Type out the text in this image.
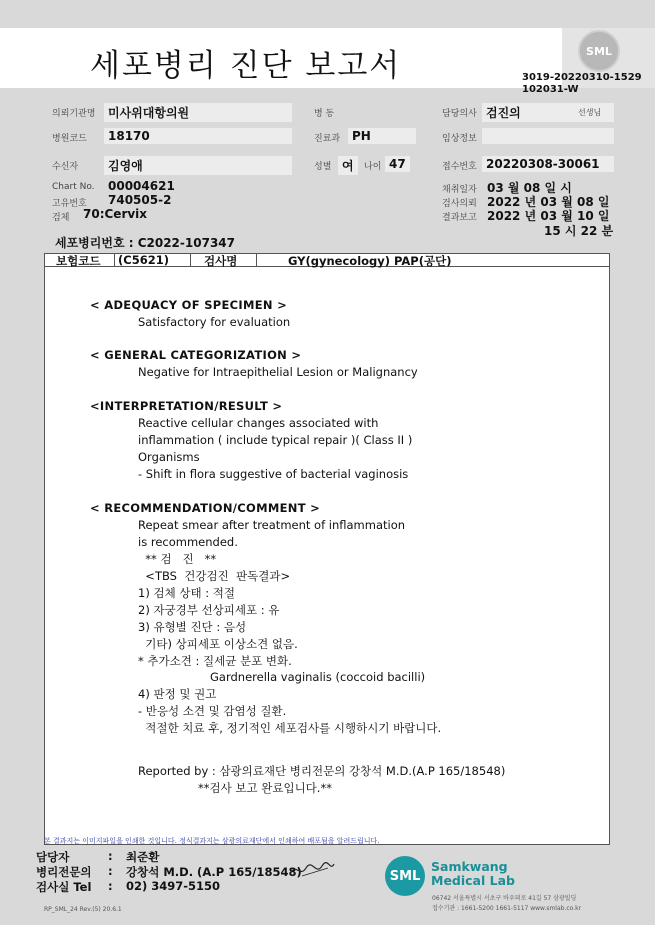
세포병리 진단 보고서	SML
3019-20220310-1529
102031-W
의뢰기관명	미사위대항의원	병 동	담당의사 검진의	선생님
병원코드	18170	진료과 PH	임상정보
수신자	김영애	성별 여	나이 47	접수번호 20220308-30061
Chart No. 00004621
고유번호 740505-2
검체 70:Cervix
채취일자 03 월 08 일 시
검사의뢰 2022 년 03 월 08 일
결과보고 2022 년 03 월 10 일
15 시 22 분
세포병리번호 : C2022-107347
보험코드 (C5621)	검사명	GY(gynecology) PAP(공단)
< ADEQUACY OF SPECIMEN >
Satisfactory for evaluation
< GENERAL CATEGORIZATION >
Negative for Intraepithelial Lesion or Malignancy
<INTERPRETATION/RESULT >
Reactive cellular changes associated with
inflammation ( include typical repair )( Class II )
Organisms
- Shift in flora suggestive of bacterial vaginosis
< RECOMMENDATION/COMMENT >
Repeat smear after treatment of inflammation
is recommended.
** 검   진   **
<TBS  건강검진  판독결과>
1) 검체 상태 : 적절
2) 자궁경부 선상피세포 : 유
3) 유형별 진단 : 음성
기타) 상피세포 이상소견 없음.
* 추가소견 : 질세균 분포 변화.
Gardnerella vaginalis (coccoid bacilli)
4) 판정 및 권고
- 반응성 소견 및 감염성 질환.
적절한 치료 후, 정기적인 세포검사를 시행하시기 바랍니다.
Reported by : 삼광의료재단 병리전문의 강창석 M.D.(A.P 165/18548)
**검사 보고 완료입니다.**
본 결과지는 이미지파일을 인쇄한 것입니다. 정식결과지는 삼광의료재단에서 인쇄하여 배포됨을 알려드립니다.
담당자	: 최준환
병리전문의 : 강창석 M.D. (A.P 165/18548)
검사실 Tel : 02) 3497-5150
SML
Samkwang
Medical Lab
06742 서울특별시 서초구 바우뫼로 41길 57 삼광빌딩
접수기관 : 1661-5200 1661-5117 www.smlab.co.kr
RP_SML_24 Rev.(5) 20.6.1
